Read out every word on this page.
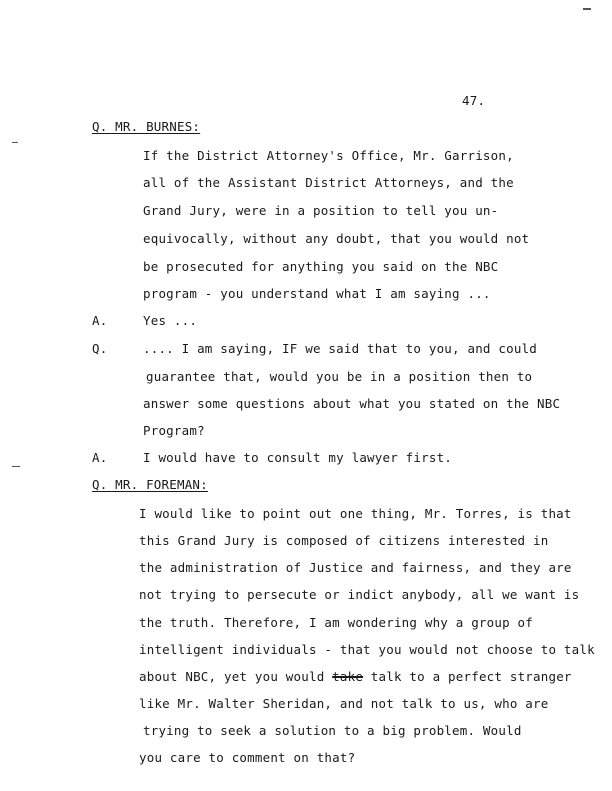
47.
Q. MR. BURNES:
If the District Attorney's Office, Mr. Garrison,
all of the Assistant District Attorneys, and the
Grand Jury, were in a position to tell you un-
equivocally, without any doubt, that you would not
be prosecuted for anything you said on the NBC
program - you understand what I am saying ...
A.	Yes ...
Q.	.... I am saying, IF we said that to you, and could
guarantee that, would you be in a position then to
answer some questions about what you stated on the NBC
Program?
A.	I would have to consult my lawyer first.
Q. MR. FOREMAN:
I would like to point out one thing, Mr. Torres, is that
this Grand Jury is composed of citizens interested in
the administration of Justice and fairness, and they are
not trying to persecute or indict anybody, all we want is
the truth. Therefore, I am wondering why a group of
intelligent individuals - that you would not choose to talk
about NBC, yet you would take talk to a perfect stranger
like Mr. Walter Sheridan, and not talk to us, who are
trying to seek a solution to a big problem. Would
you care to comment on that?
